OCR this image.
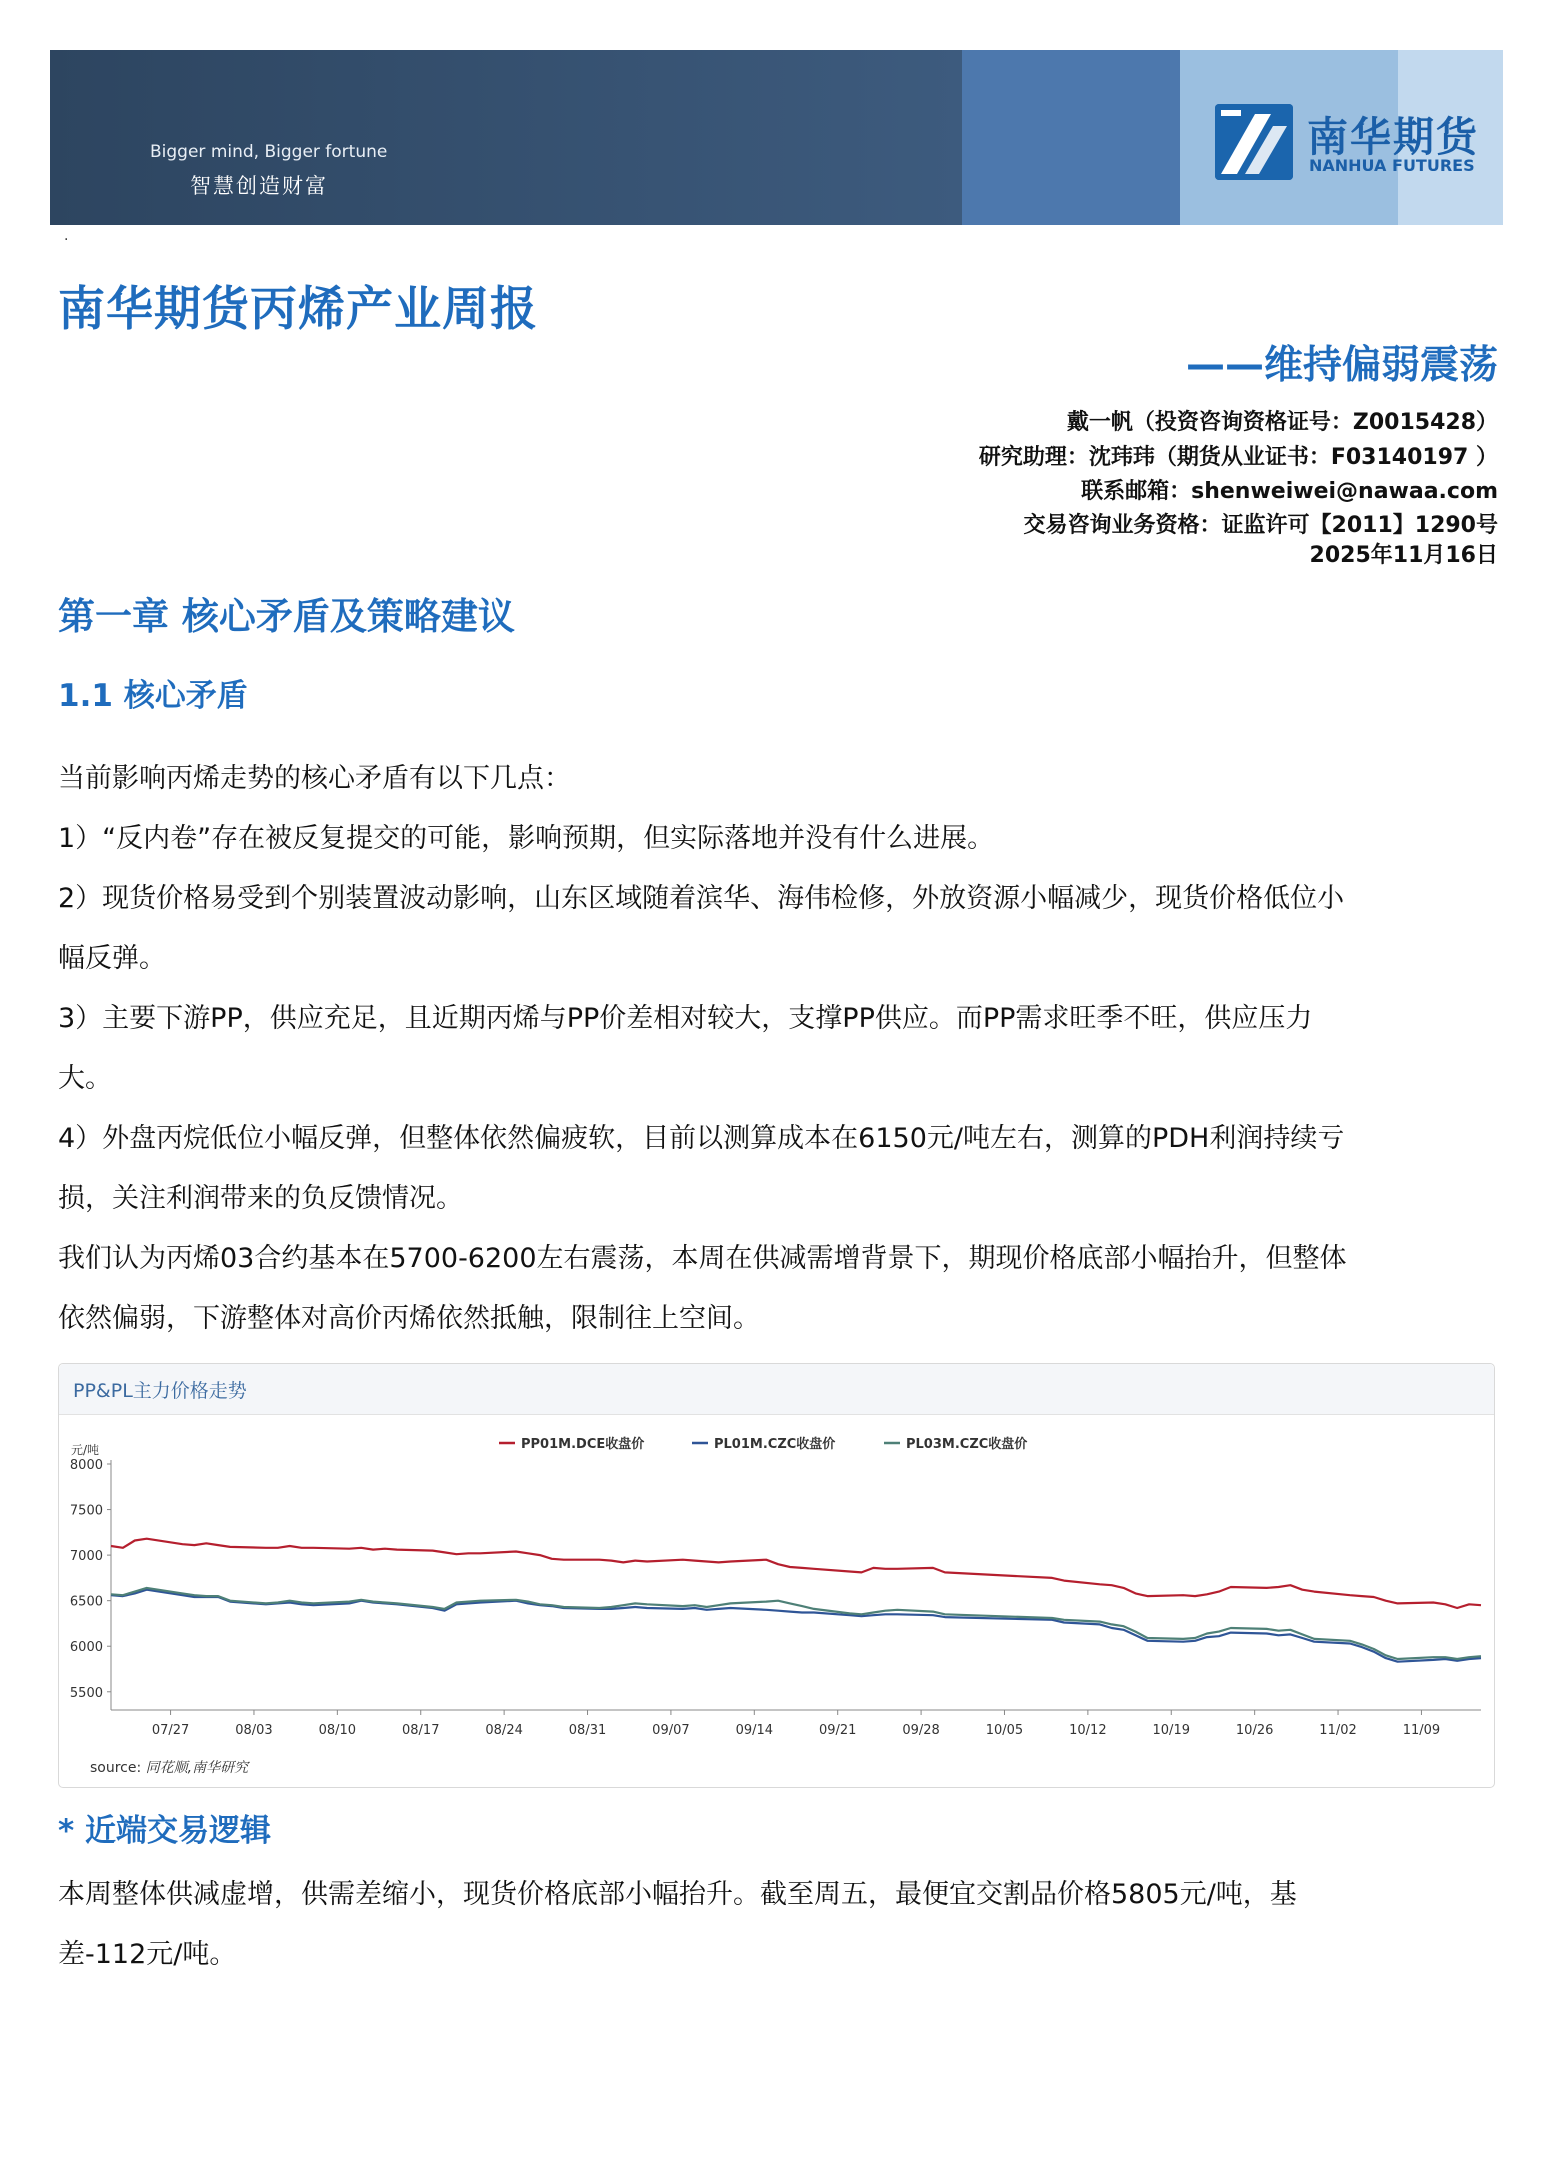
Bigger mind, Bigger fortune
智慧创造财富
南华期货
NANHUA FUTURES
.
南华期货丙烯产业周报
——维持偏弱震荡
戴一帆（投资咨询资格证号：Z0015428）
研究助理：沈玮玮（期货从业证书：F03140197 ）
联系邮箱：shenweiwei@nawaa.com
交易咨询业务资格：证监许可【2011】1290号
2025年11月16日
第一章 核心矛盾及策略建议
1.1 核心矛盾
当前影响丙烯走势的核心矛盾有以下几点：
1）“反内卷”存在被反复提交的可能，影响预期，但实际落地并没有什么进展。
2）现货价格易受到个别装置波动影响，山东区域随着滨华、海伟检修，外放资源小幅减少，现货价格低位小
幅反弹。
3）主要下游PP，供应充足，且近期丙烯与PP价差相对较大，支撑PP供应。而PP需求旺季不旺，供应压力
大。
4）外盘丙烷低位小幅反弹，但整体依然偏疲软，目前以测算成本在6150元/吨左右，测算的PDH利润持续亏
损，关注利润带来的负反馈情况。
我们认为丙烯03合约基本在5700-6200左右震荡，本周在供减需增背景下，期现价格底部小幅抬升，但整体
依然偏弱，下游整体对高价丙烯依然抵触，限制往上空间。
PP&PL主力价格走势
元/吨
5500
6000
6500
7000
7500
8000
07/27	08/03	08/10	08/17	08/24	08/31	09/07	09/14	09/21	09/28	10/05	10/12	10/19	10/26	11/02	11/09
PP01M.DCE收盘价	PL01M.CZC收盘价	PL03M.CZC收盘价
source: 同花顺,南华研究
* 近端交易逻辑
本周整体供减虚增，供需差缩小，现货价格底部小幅抬升。截至周五，最便宜交割品价格5805元/吨，基
差-112元/吨。
